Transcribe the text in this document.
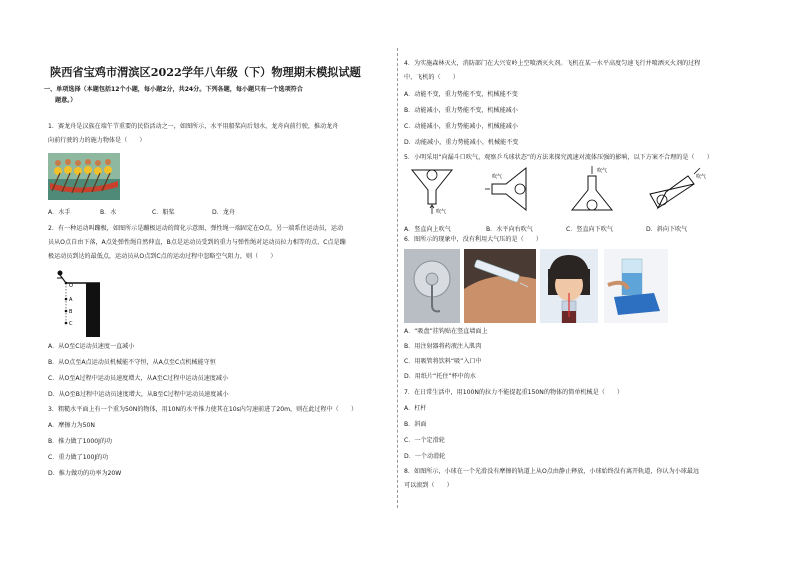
陕西省宝鸡市渭滨区2022学年八年级（下）物理期末模拟试题
一、单项选择（本题包括12个小题，每小题2分，共24分。下列各题，每小题只有一个选项符合
题意。）
1．赛龙舟是汉族在端午节重要的民俗活动之一，如图所示，水平用船桨向后划水，龙舟向前行驶，推动龙舟
向前行驶的力的施力物体是（　　）
A．水手	B．水	C．船桨	D．龙舟
2．有一种运动叫蹦极，如图所示是蹦极运动的简化示意图，弹性绳一端固定在O点，另一端系住运动员，运动
员从O点自由下落，A点处弹性绳自然伸直，B点是运动员受到的重力与弹性绳对运动员拉力相等的点，C点是蹦
极运动员到达的最低点，运动员从O点到C点的运动过程中忽略空气阻力，则（　　）
O
A
B
C
A．从O至C运动员速度一直减小
B．从O点至A点运动员机械能不守恒，从A点至C点机械能守恒
C．从O至A过程中运动员速度增大，从A至C过程中运动员速度减小
D．从O至B过程中运动员速度增大，从B至C过程中运动员速度减小
3．粗糙水平面上有一个重为50N的物体，用10N的水平推力使其在10s内匀速前进了20m，则在此过程中（　　）
A．摩擦力为50N
B．推力做了1000J的功
C．重力做了100J的功
D．推力做功的功率为20W
4．为实施森林灭火，消防部门在大兴安岭上空喷洒灭火剂。飞机在某一水平高度匀速飞行并喷洒灭火剂的过程
中，飞机的（　　）
A．动能不变，重力势能不变，机械能不变
B．动能减小，重力势能不变，机械能减小
C．动能减小，重力势能减小，机械能减小
D．动能减小，重力势能减小，机械能不变
5．小明采用“向漏斗口吹气，观察乒乓球状态”的方法来探究流速对流体压强的影响，以下方案不合理的是（　　）
吹气
吹气
吹气
吹气
A．竖直向上吹气	B．水平向右吹气	C．竖直向下吹气	D．斜向下吹气
6．图所示的现象中，没有利用大气压的是（　　）
A．“吸盘”挂钩贴在竖直墙面上
B．用注射器将药液注入肌肉
C．用吸管将饮料“吸”入口中
D．用纸片“托住”杯中的水
7．在日常生活中，用100N的拉力不能提起重150N的物体的简单机械是（　　）
A．杠杆
B．斜面
C．一个定滑轮
D．一个动滑轮
8．如图所示，小球在一个光滑没有摩擦的轨道上从O点由静止释放，小球始终没有离开轨道，你认为小球最远
可以滚到（　　）
